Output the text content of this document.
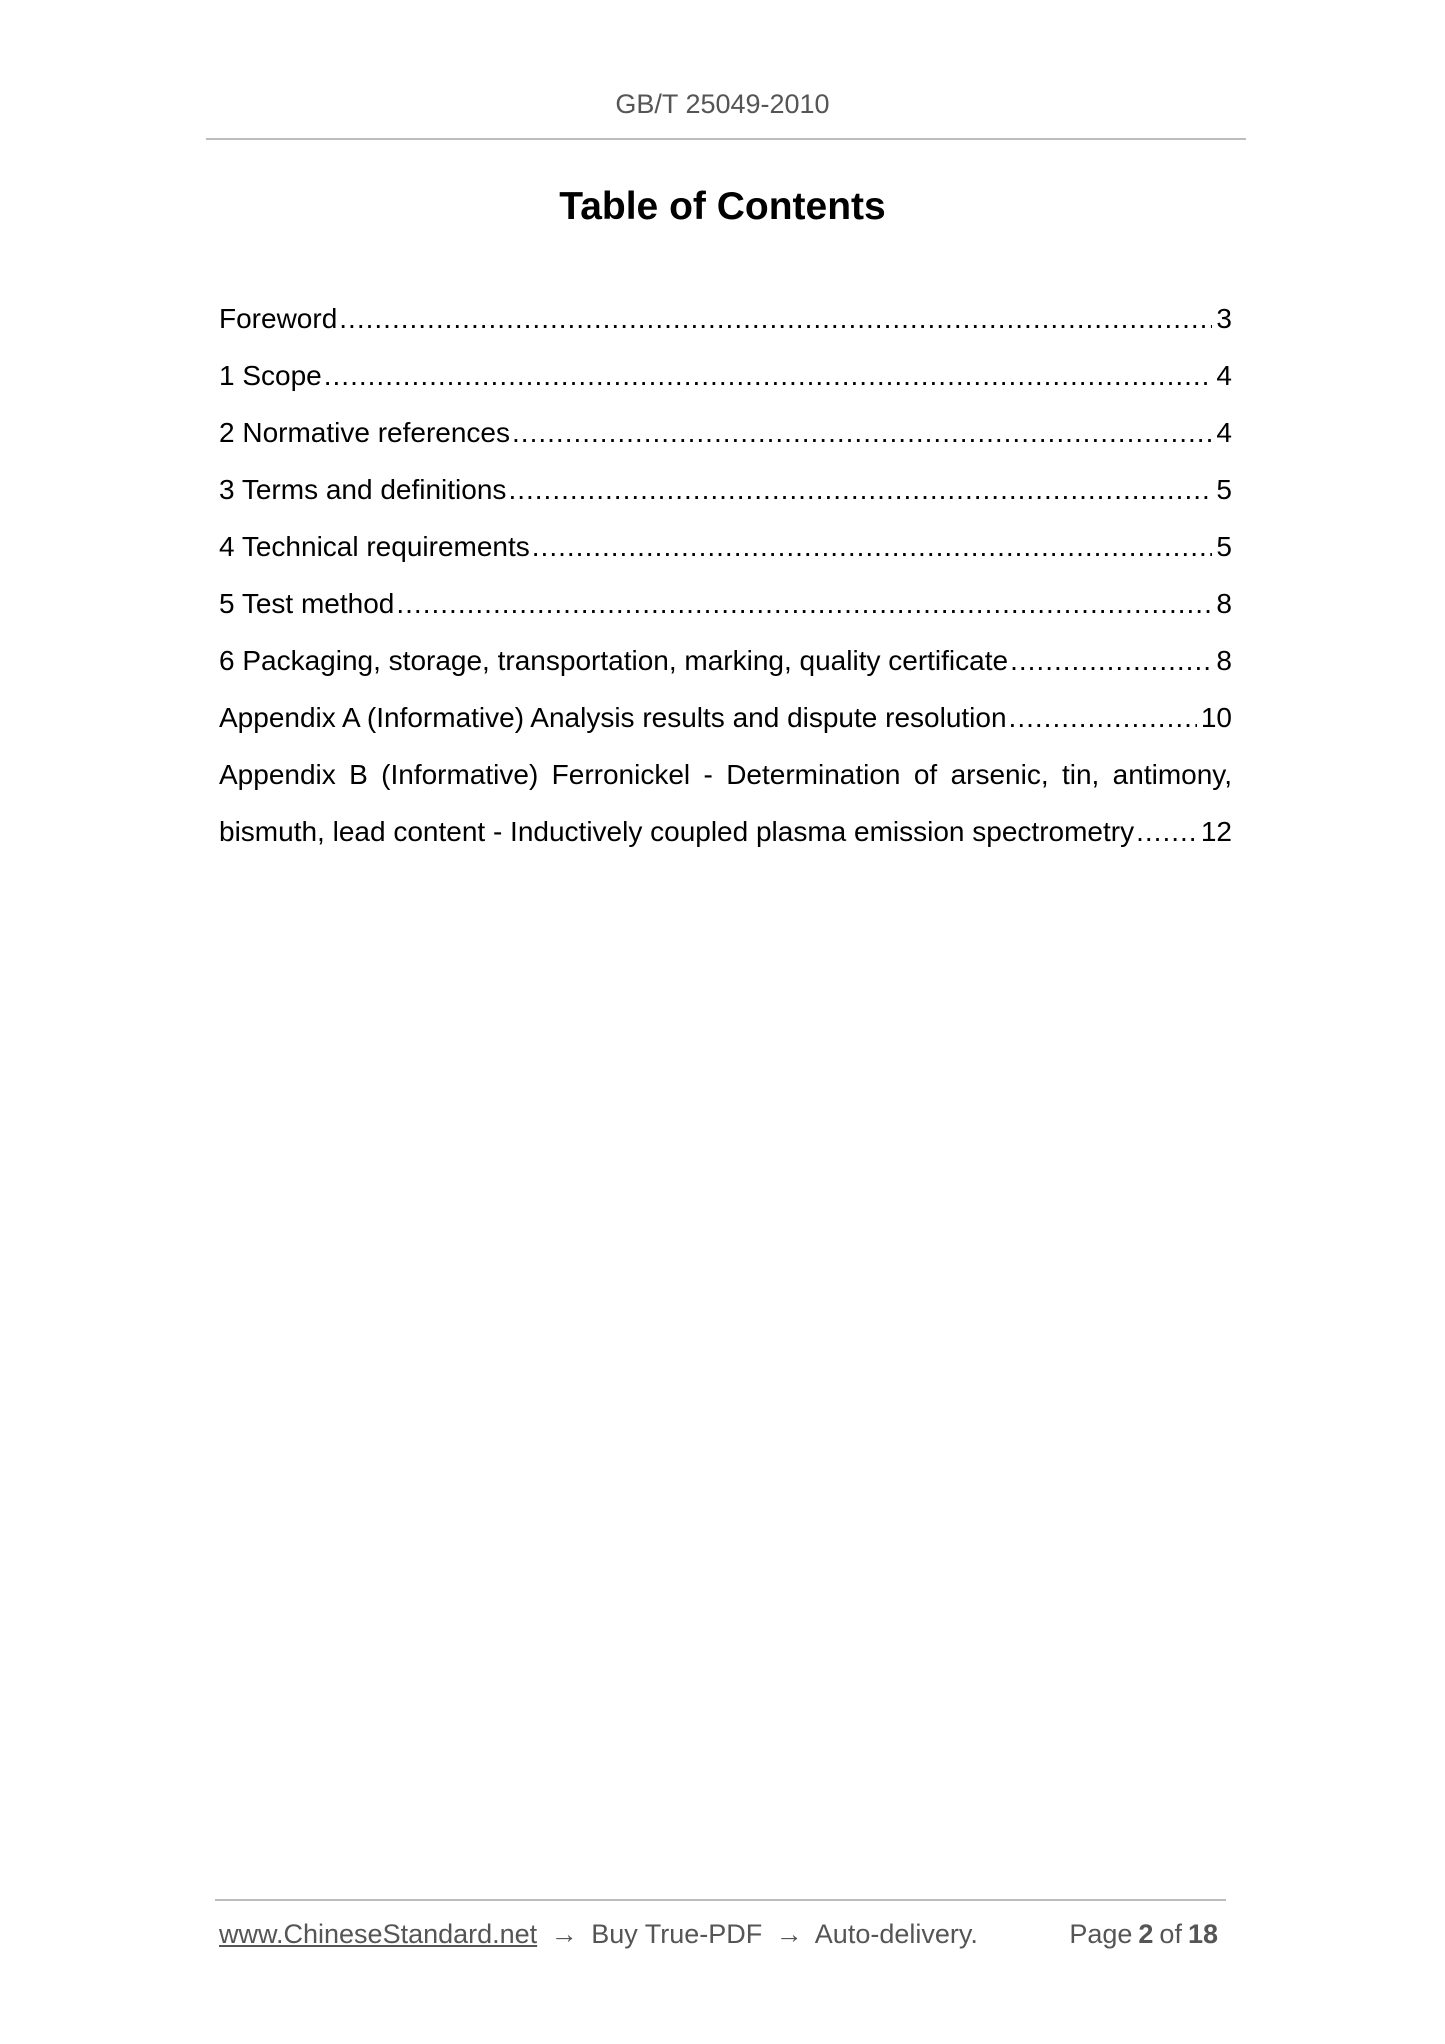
GB/T 25049-2010
Table of Contents
Foreword .....	3
1 Scope .....	4
2 Normative references .....	4
3 Terms and definitions .....	5
4 Technical requirements .....	5
5 Test method .....	8
6 Packaging, storage, transportation, marking, quality certificate .....	8
Appendix A (Informative) Analysis results and dispute resolution .....	10
Appendix B (Informative) Ferronickel - Determination of arsenic, tin, antimony,
bismuth, lead content - Inductively coupled plasma emission spectrometry ..... 12
www.ChineseStandard.net → Buy True-PDF → Auto-delivery.	Page 2 of 18
